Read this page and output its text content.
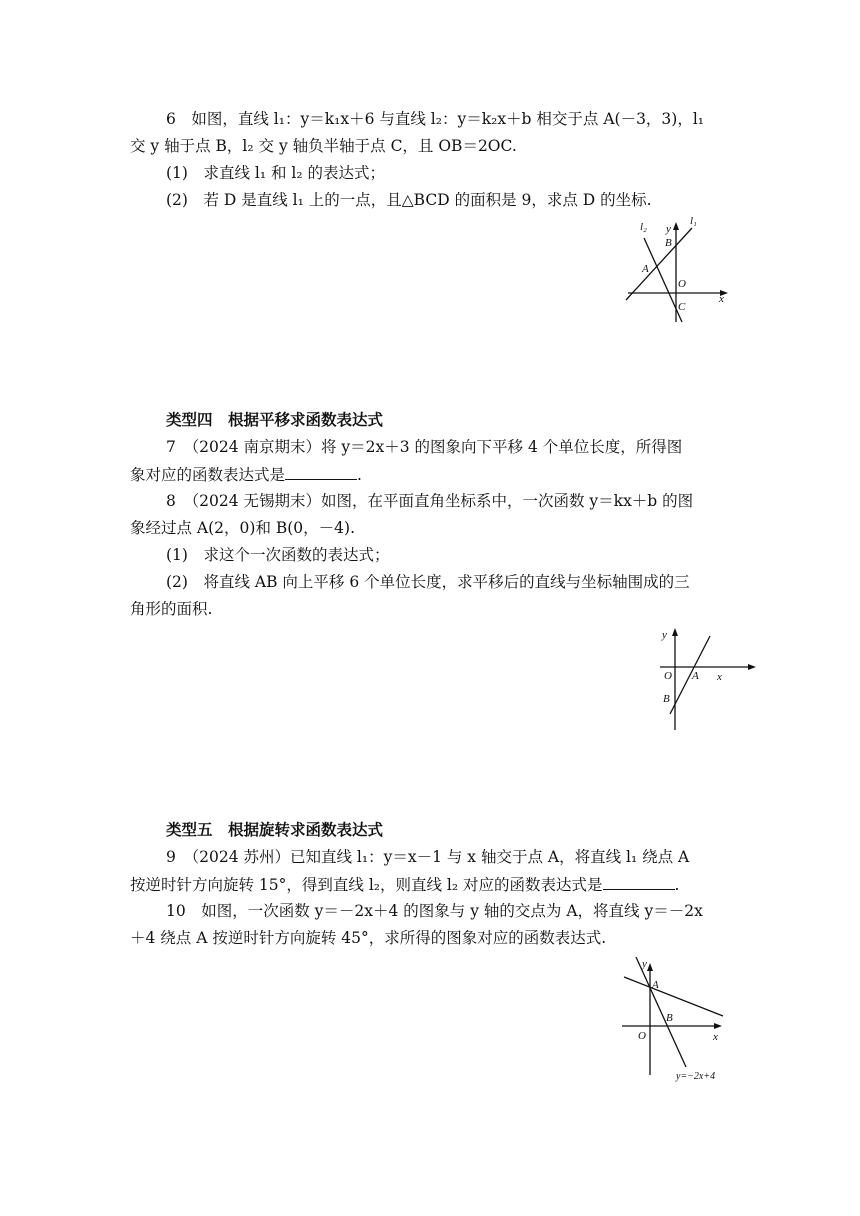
6　如图，直线 l₁：y＝k₁x＋6 与直线 l₂：y＝k₂x＋b 相交于点 A(－3，3)，l₁
交 y 轴于点 B，l₂ 交 y 轴负半轴于点 C，且 OB＝2OC.
(1)　求直线 l₁ 和 l₂ 的表达式；
(2)　若 D 是直线 l₁ 上的一点，且△BCD 的面积是 9，求点 D 的坐标.
l₂ y
l₁
B
A
O
C
x
类型四　根据平移求函数表达式
7　（2024 南京期末）将 y＝2x＋3 的图象向下平移 4 个单位长度，所得图
象对应的函数表达式是	.
8　（2024 无锡期末）如图，在平面直角坐标系中，一次函数 y＝kx＋b 的图
象经过点 A(2，0)和 B(0，－4).
(1)　求这个一次函数的表达式；
(2)　将直线 AB 向上平移 6 个单位长度，求平移后的直线与坐标轴围成的三
角形的面积.
y
O A x
B
类型五　根据旋转求函数表达式
9　（2024 苏州）已知直线 l₁：y＝x－1 与 x 轴交于点 A，将直线 l₁ 绕点 A
按逆时针方向旋转 15°，得到直线 l₂，则直线 l₂ 对应的函数表达式是	.
10　如图，一次函数 y＝－2x＋4 的图象与 y 轴的交点为 A，将直线 y＝－2x
＋4 绕点 A 按逆时针方向旋转 45°，求所得的图象对应的函数表达式.
y
A
B
O	x
y=−2x+4
